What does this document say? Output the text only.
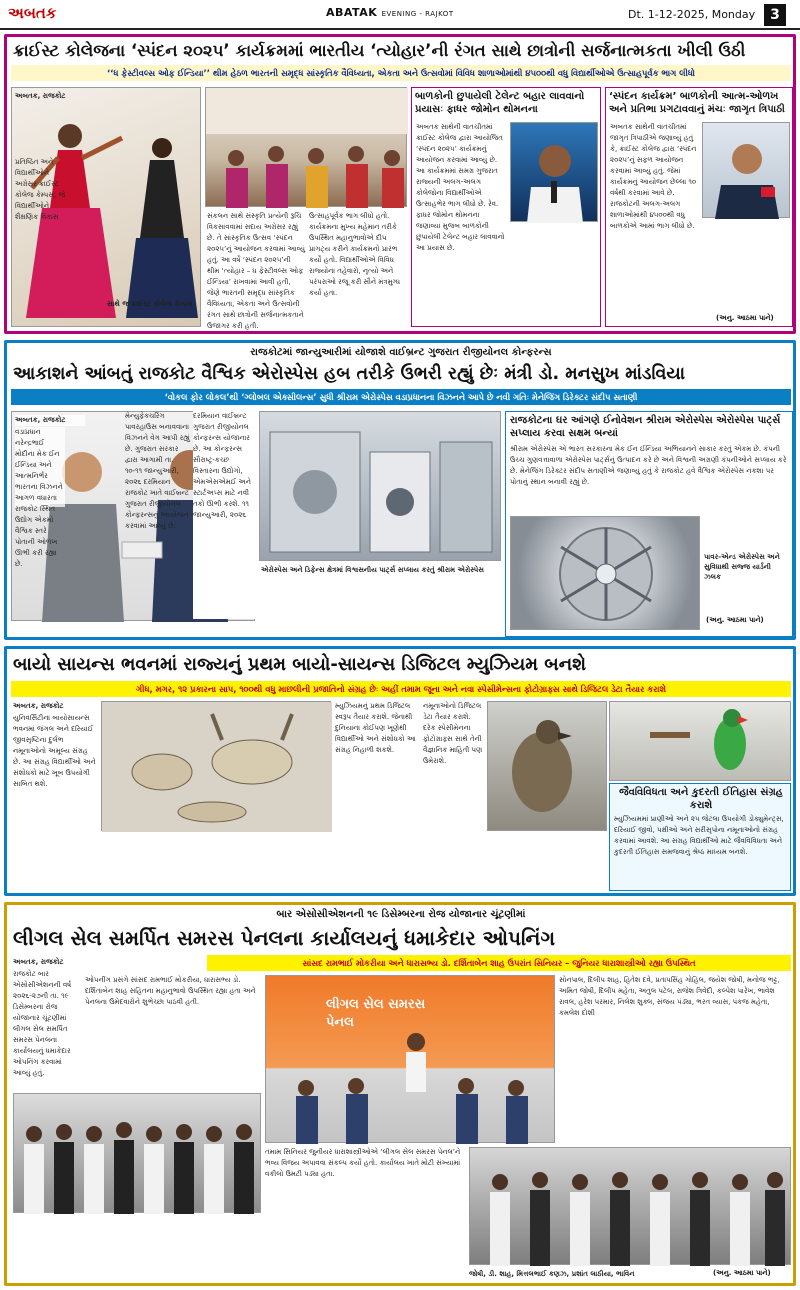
અબતક	ABATAK EVENING - RAJKOT	Dt. 1-12-2025, Monday	3
ક્રાઈસ્ટ કોલેજના ‘સ્પંદન ૨૦૨૫’ કાર્યક્રમમાં ભારતીય ‘ત્યોહાર’ની રંગત સાથે છાત્રોની સર્જનાત્મકતા ખીલી ઉઠી
‘‘ધ ફેસ્ટીવલ્સ ઓફ ઈન્ડિયા’’ થીમ હેઠળ ભારતની સમૃદ્ધ સાંસ્કૃતિક વૈવિધ્યતા, એકતા અને ઉત્સવોમાં વિવિધ શાળાઓમાંથી ૪૫૦૦થી વધુ વિદ્યાર્થીઓએ ઉત્સાહપૂર્વક ભાગ લીધો
અબતક, રાજકોટ
સાથે જ ક્રાઈસ્ટ કોલેજ કેમ્પસ
પ્રતિષ્ઠિત અને વિદ્યાર્થીઓને અગ્રેસર ક્રાઈસ્ટ કોલેજ કેમ્પસ, જે વિદ્યાર્થીઓને શૈક્ષણિક વિકાસ	સંકલન સાથે સંસ્કૃતિ પ્રત્યેની રૂચિ વિકસાવવામાં સદાય અગ્રેસર રહ્યું છે. તે સાંસ્કૃતિક ઉત્સવ ‘સ્પંદન ૨૦૨૫’નું આયોજન કરવામાં આવ્યું હતું. આ વર્ષે ‘સ્પંદન ૨૦૨૫’ની થીમ ‘ત્યોહાર – ધ ફેસ્ટીવલ્સ ઓફ ઈન્ડિયા’ રાખવામાં આવી હતી, જેણે ભારતની સમૃદ્ધ સાંસ્કૃતિક વૈવિધ્યતા, એકતા અને ઉત્સવોની રંગત સાથે છાત્રોની સર્જનાત્મકતાને ઉજાગર કરી હતી.
ઉત્સાહપૂર્વક ભાગ લીધો હતો. કાર્યક્રમના મુખ્ય મહેમાન તરીકે ઉપસ્થિત મહાનુભાવોએ દીપ પ્રાગટ્ય કરીને કાર્યક્રમનો પ્રારંભ કર્યો હતો. વિદ્યાર્થીઓએ વિવિધ રાજ્યોના તહેવારો, નૃત્યો અને પરંપરાઓ રજૂ કરી સૌને મંત્રમુગ્ધ કર્યા હતા.
બાળકોની છુપાયેલી ટેલેન્ટ બહાર લાવવાનો પ્રયાસઃ ફાધર જોમોન થોમનના
અબતક સાથેની વાતચીતમાં ક્રાઈસ્ટ કોલેજ દ્વારા આયોજિત ‘સ્પંદન ૨૦૨૫’ કાર્યક્રમનું આયોજન કરવામાં આવ્યું છે. આ કાર્યક્રમમાં સમગ્ર ગુજરાત રાજ્યની અલગ-અલગ કોલેજોના વિદ્યાર્થીઓએ ઉત્સાહભેર ભાગ લીધો છે. રેવ. ફાધર જોમોન થોમનના જણાવ્યા મુજબ બાળકોની છુપાયેલી ટેલેન્ટ બહાર લાવવાનો આ પ્રયાસ છે.
‘સ્પંદન કાર્યક્રમ’ બાળકોની આત્મ-ઓળખ અને પ્રતિભા પ્રગટાવવાનું મંચઃ જાગૃત ત્રિપાઠી
અબતક સાથેની વાતચીતમાં જાગૃત ત્રિપાઠીએ જણાવ્યું હતું કે, ક્રાઈસ્ટ કોલેજ દ્વારા ‘સ્પંદન ૨૦૨૫’નું સફળ આયોજન કરવામાં આવ્યું હતું. જેમાં કાર્યક્રમનું આયોજન છેલ્લા ૧૦ વર્ષથી કરવામાં આવે છે. રાજકોટની અલગ-અલગ શાળાઓમાંથી ૪૫૦૦થી વધુ બાળકોએ આમાં ભાગ લીધો છે.
(અનુ. આઠમા પાને)
રાજકોટમાં જાન્યુઆરીમાં યોજાશે વાઈબ્રન્ટ ગુજરાત રીજીયોનલ કોન્ફરન્સ
આકાશને આંબતું રાજકોટ વૈશ્વિક એરોસ્પેસ હબ તરીકે ઉભરી રહ્યું છેઃ મંત્રી ડો. મનસુખ માંડવિયા
‘વોકલ ફોર લોકલ’થી ‘ગ્લોબલ એક્સીલન્સ’ સુધી શ્રીરામ એરોસ્પેસ વડાપ્રધાનના વિઝનને આપે છે નવી ગતિઃ મેનેજિંગ ડિરેક્ટર સંદીપ સતાણી
અબતક, રાજકોટ
વડાપ્રધાન નરેન્દ્રભાઈ મોદીના મેક ઈન ઈન્ડિયા અને આત્મનિર્ભર ભારતના વિઝનને આગળ વધારતા રાજકોટ સ્થિત ઉદ્યોગ એકમો વૈશ્વિક સ્તરે પોતાની ઓળખ ઊભી કરી રહ્યા છે.
મેન્યુફેક્ચરિંગ પાવરહાઉસ બનાવવાના વિઝનને વેગ આપી રહ્યું છે. ગુજરાત સરકાર દ્વારા આગામી તા. ૧૦-૧૧ જાન્યુઆરી, ૨૦૨૬ દરમિયાન રાજકોટ ખાતે વાઈબ્રન્ટ ગુજરાત રીજીયોનલ કોન્ફરન્સનું આયોજન કરવામાં આવ્યું છે.
દરમિયાન વાઈબ્રન્ટ ગુજરાત રીજીયોનલ કોન્ફરન્સ યોજાનાર છે. આ કોન્ફરન્સ સૌરાષ્ટ્ર-કચ્છ વિસ્તારના ઉદ્યોગો, એમએસએમઈ અને સ્ટાર્ટઅપ્સ માટે નવી તકો ઊભી કરશે. ૧૧ જાન્યુઆરી, ૨૦૨૬
એરોસ્પેસ અને ડિફેન્સ ક્ષેત્રમાં વિશ્વસનીય પાર્ટ્સ સપ્લાય કરતું શ્રીરામ એરોસ્પેસ
રાજકોટના ઘર આંગણે ઈનોવેશન શ્રીરામ એરોસ્પેસ એરોસ્પેસ પાર્ટ્સ સપ્લાય કરવા સક્ષમ બન્યાં
શ્રીરામ એરોસ્પેસ એ ભારત સરકારના મેક ઈન ઈન્ડિયા અભિયાનને સાકાર કરતું એકમ છે. કંપની ઉચ્ચ ગુણવત્તાવાળા એરોસ્પેસ પાર્ટ્સનું ઉત્પાદન કરે છે અને વિશ્વની અગ્રણી કંપનીઓને સપ્લાય કરે છે. મેનેજિંગ ડિરેક્ટર સંદીપ સતાણીએ જણાવ્યું હતું કે રાજકોટ હવે વૈશ્વિક એરોસ્પેસ નકશા પર પોતાનું સ્થાન બનાવી રહ્યું છે.
પાવર-એન્ડ એરોસ્પેસ અને સુવિધાથી સજ્જ યાર્ડની ઝલક
(અનુ. આઠમા પાને)
બાયો સાયન્સ ભવનમાં રાજ્યનું પ્રથમ બાયો-સાયન્સ ડિજિટલ મ્યુઝિયમ બનશે
ગીધ, મગર, ૧૨ પ્રકારના સાપ, ૧૦૦થી વધુ માછલીની પ્રજાતિનો સંગ્રહ છેઃ અહીં તમામ જૂના અને નવા સ્પેસીમેન્સના ફોટોગ્રાફ્સ સાથે ડિજિટલ ડેટા તૈયાર કરાશે
અબતક, રાજકોટ
યુનિવર્સિટીના બાયોસાયન્સ ભવનમાં જંગલ અને દરિયાઈ જીવસૃષ્ટિના દુર્લભ નમૂનાઓનો અમૂલ્ય સંગ્રહ છે. આ સંગ્રહ વિદ્યાર્થીઓ અને સંશોધકો માટે ખૂબ ઉપયોગી સાબિત થશે.
મ્યુઝિયમનું પ્રથમ ડિજિટલ સ્વરૂપ તૈયાર કરાશે. જેનાથી દુનિયાના કોઈપણ ખૂણેથી વિદ્યાર્થીઓ અને સંશોધકો આ સંગ્રહ નિહાળી શકશે.
નમૂનાઓનો ડિજિટલ ડેટા તૈયાર કરાશે. દરેક સ્પેસીમેનના ફોટોગ્રાફ્સ સાથે તેની વૈજ્ઞાનિક માહિતી પણ ઉમેરાશે.
જૈવવિવિધતા અને કુદરતી ઈતિહાસ સંગ્રહ કરાશે
મ્યુઝિયમમાં પ્રાણીઓ અને ૨૫ જેટલા ઉપયોગી ડોક્યુમેન્ટ્સ, દરિયાઈ જીવો, પક્ષીઓ અને સરીસૃપોના નમૂનાઓનો સંગ્રહ કરવામાં આવશે. આ સંગ્રહ વિદ્યાર્થીઓ માટે જૈવવિવિધતા અને કુદરતી ઈતિહાસ સમજવાનું શ્રેષ્ઠ માધ્યમ બનશે.
બાર એસોસીએશનની ૧૯ ડિસેમ્બરના રોજ યોજાનાર ચૂંટણીમાં
લીગલ સેલ સમર્પિત સમરસ પેનલના કાર્યાલયનું ધમાકેદાર ઓપનિંગ
સાંસદ રામભાઈ મોકરીયા અને ધારાસભ્ય ડો. દર્શિતાબેન શાહ ઉપરાંત સિનિયર – જુનિયર ધારાશાસ્ત્રીઓ રહ્યા ઉપસ્થિત
અબતક, રાજકોટ
રાજકોટ બાર એસોસીએશનની વર્ષ ૨૦૨૬-૨૭ની તા. ૧૯ ડિસેમ્બરના રોજ યોજાનાર ચૂંટણીમાં લીગલ સેલ સમર્પિત સમરસ પેનલના કાર્યાલયનું ધમાકેદાર ઓપનિંગ કરવામાં આવ્યું હતું.
ઓપનીંગ પ્રસંગે સાંસદ રામભાઈ મોકરીયા, ધારાસભ્ય ડો. દર્શિતાબેન શાહ સહિતના મહાનુભાવો ઉપસ્થિત રહ્યા હતા અને પેનલના ઉમેદવારોને શુભેચ્છા પાઠવી હતી.	લીગલ સેલ સમરસ પેનલ
સોનપાલ, દિલીપ શાહ, હિતેશ દવે, પ્રતાપસિંહ ગોહિલ, જયેશ જોષી, મનોજ ભટ્ટ, અમિત જોષી, દિલીપ મહેતા, અતુલ પટેલ, રાજેશ ત્રિવેદી, કલ્પેશ પારેખ, ભાવેશ રાવલ, હરેશ પરમાર, નિલેશ શુક્લ, સંજય પંડ્યા, ભરત વ્યાસ, પંકજ મહેતા, કમલેશ દોશી
તમામ સિનિયર જુનીયર ધારાશાસ્ત્રીઓએ ‘લીગલ સેલ સમરસ પેનલ’ને ભવ્ય વિજય અપાવવા સંકલ્પ કર્યો હતો. કાર્યાલય ખાતે મોટી સંખ્યામાં વકીલો ઉમટી પડ્યા હતા.
જોષી, ડી. શાહ, મિત્તલભાઈ કણઝ, પ્રશાંત લાઠીયા, ભાવિન	(અનુ. આઠમા પાને)
